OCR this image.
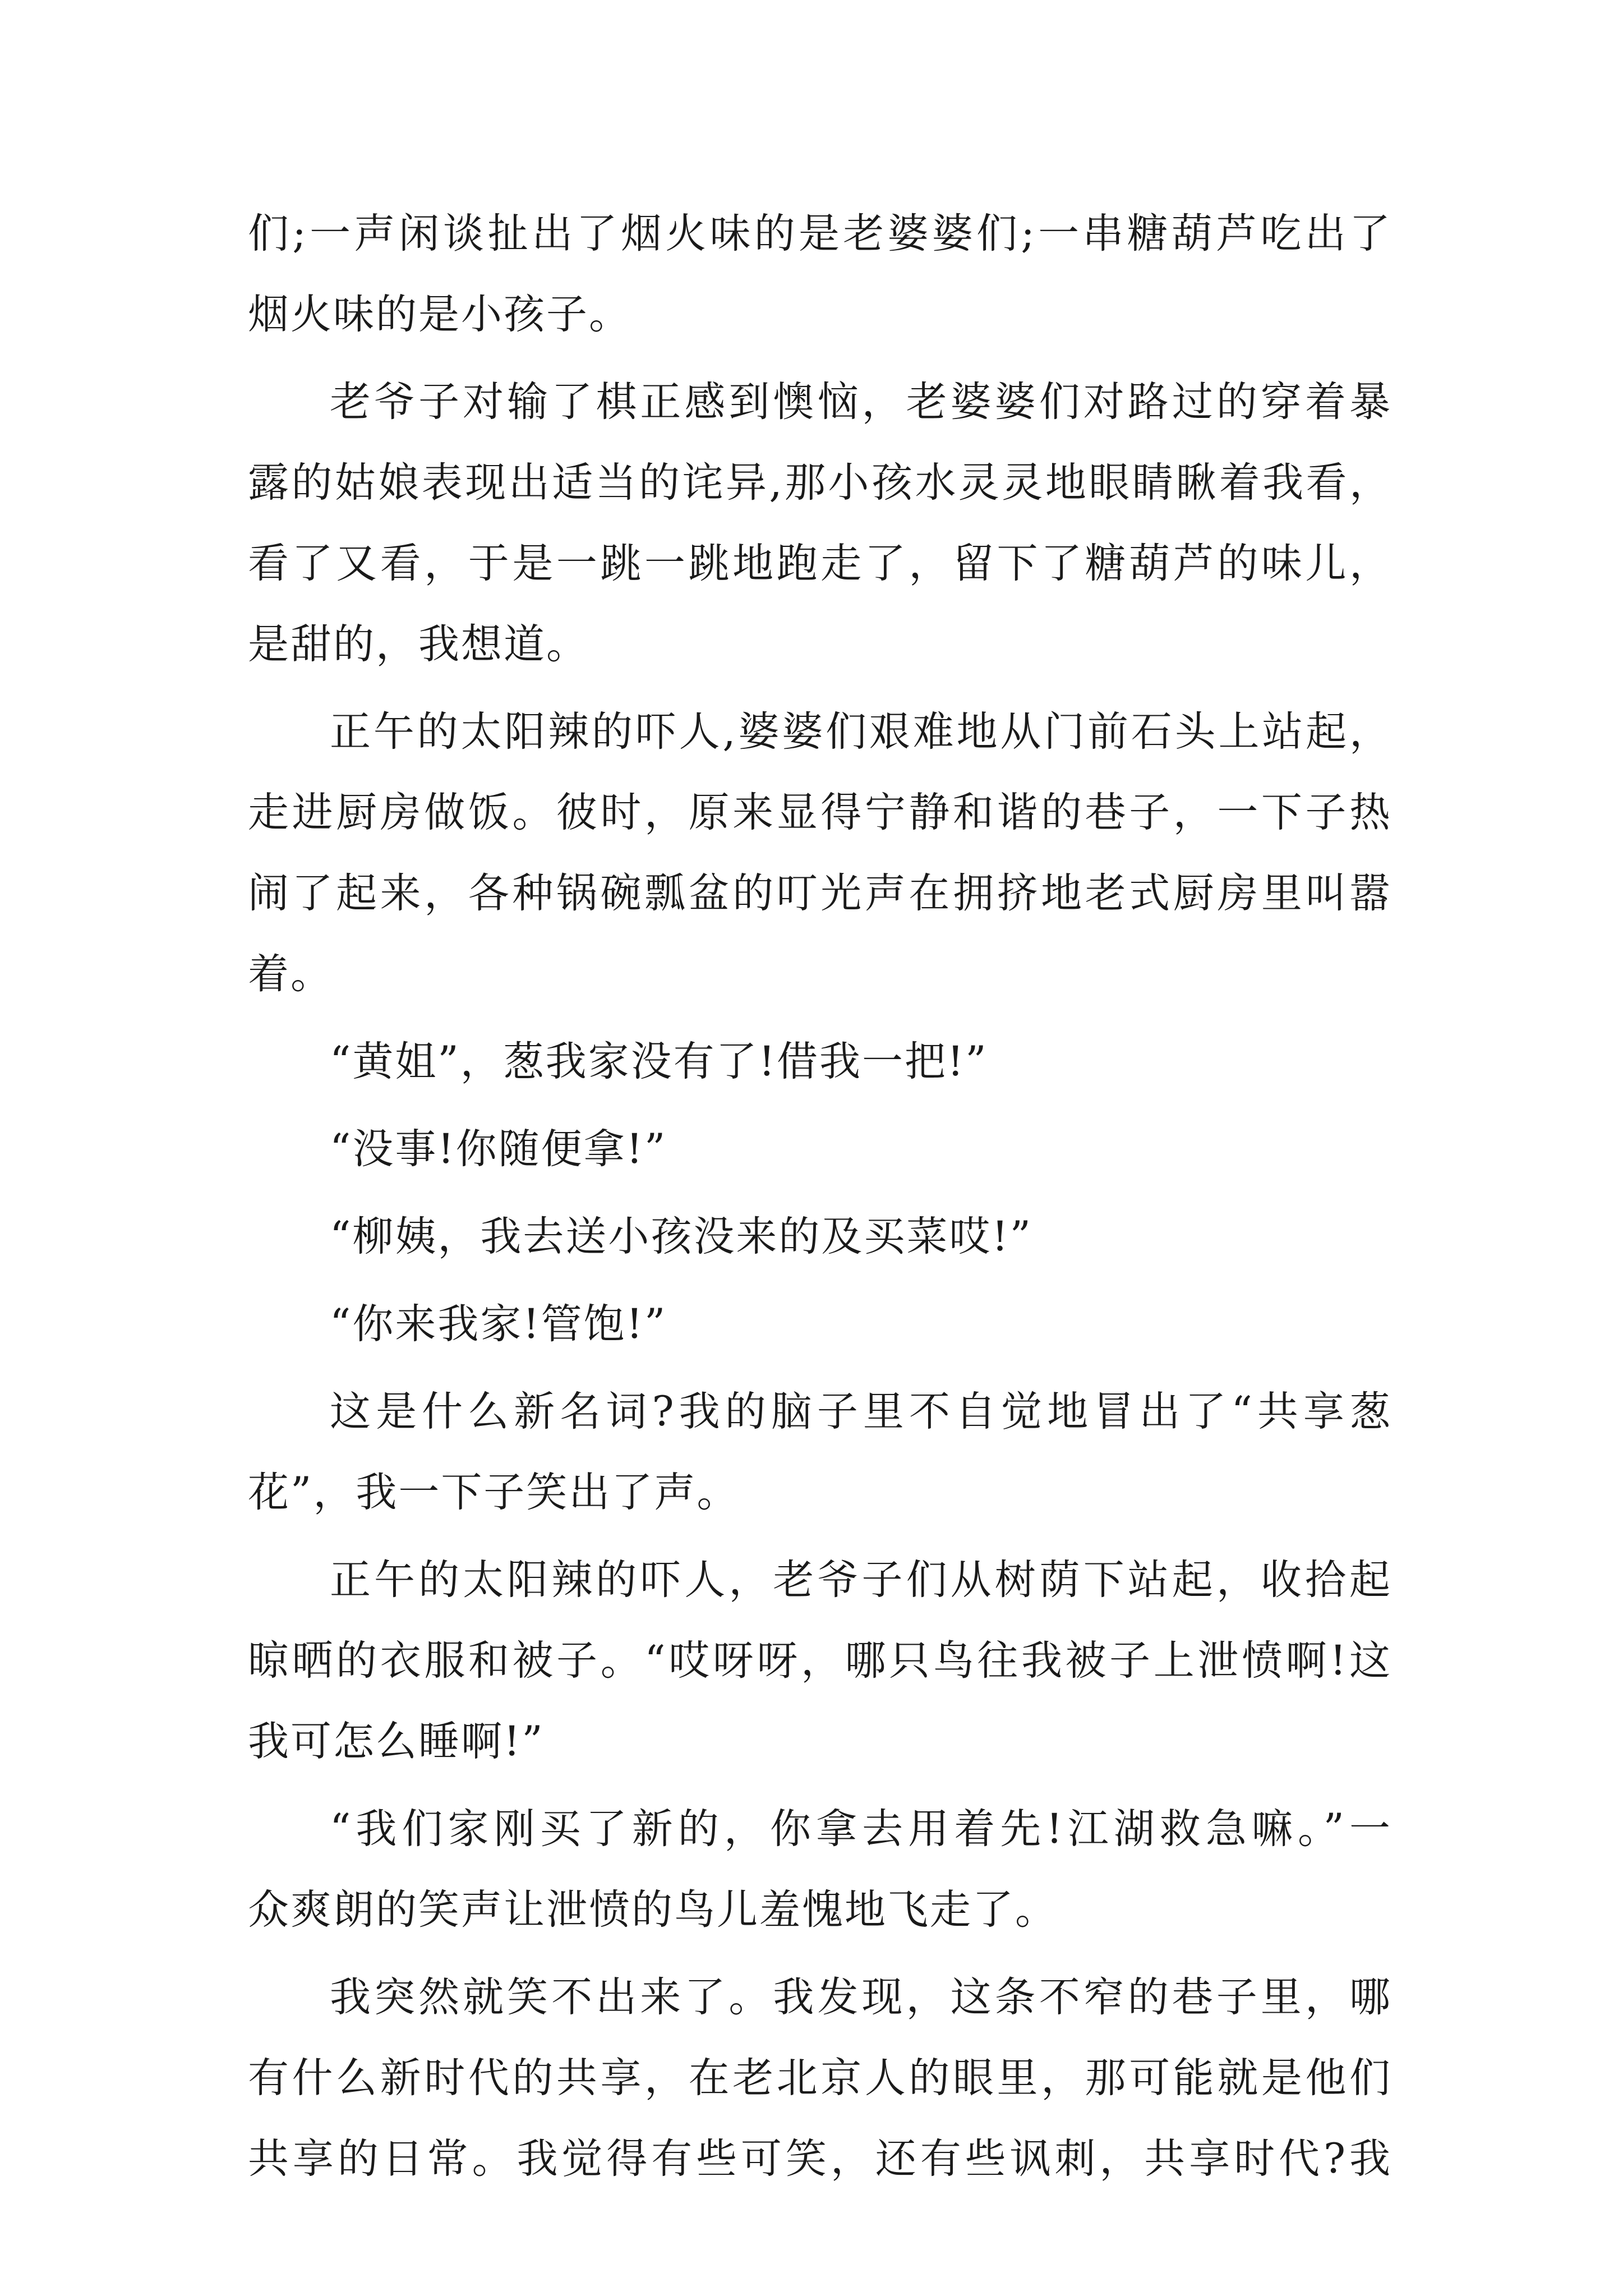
们;一声闲谈扯出了烟火味的是老婆婆们;一串糖葫芦吃出了
烟火味的是小孩子。
老爷子对输了棋正感到懊恼，老婆婆们对路过的穿着暴
露的姑娘表现出适当的诧异,那小孩水灵灵地眼睛瞅着我看，
看了又看，于是一跳一跳地跑走了，留下了糖葫芦的味儿，
是甜的，我想道。
正午的太阳辣的吓人,婆婆们艰难地从门前石头上站起，
走进厨房做饭。彼时，原来显得宁静和谐的巷子，一下子热
闹了起来，各种锅碗瓢盆的叮光声在拥挤地老式厨房里叫嚣
着。
“黄姐”，葱我家没有了!借我一把!”
“没事!你随便拿!”
“柳姨，我去送小孩没来的及买菜哎!”
“你来我家!管饱!”
这是什么新名词?我的脑子里不自觉地冒出了“共享葱
花”，我一下子笑出了声。
正午的太阳辣的吓人，老爷子们从树荫下站起，收拾起
晾晒的衣服和被子。“哎呀呀，哪只鸟往我被子上泄愤啊!这
我可怎么睡啊!”
“我们家刚买了新的，你拿去用着先!江湖救急嘛。”一
众爽朗的笑声让泄愤的鸟儿羞愧地飞走了。
我突然就笑不出来了。我发现，这条不窄的巷子里，哪
有什么新时代的共享，在老北京人的眼里，那可能就是他们
共享的日常。我觉得有些可笑，还有些讽刺，共享时代?我
